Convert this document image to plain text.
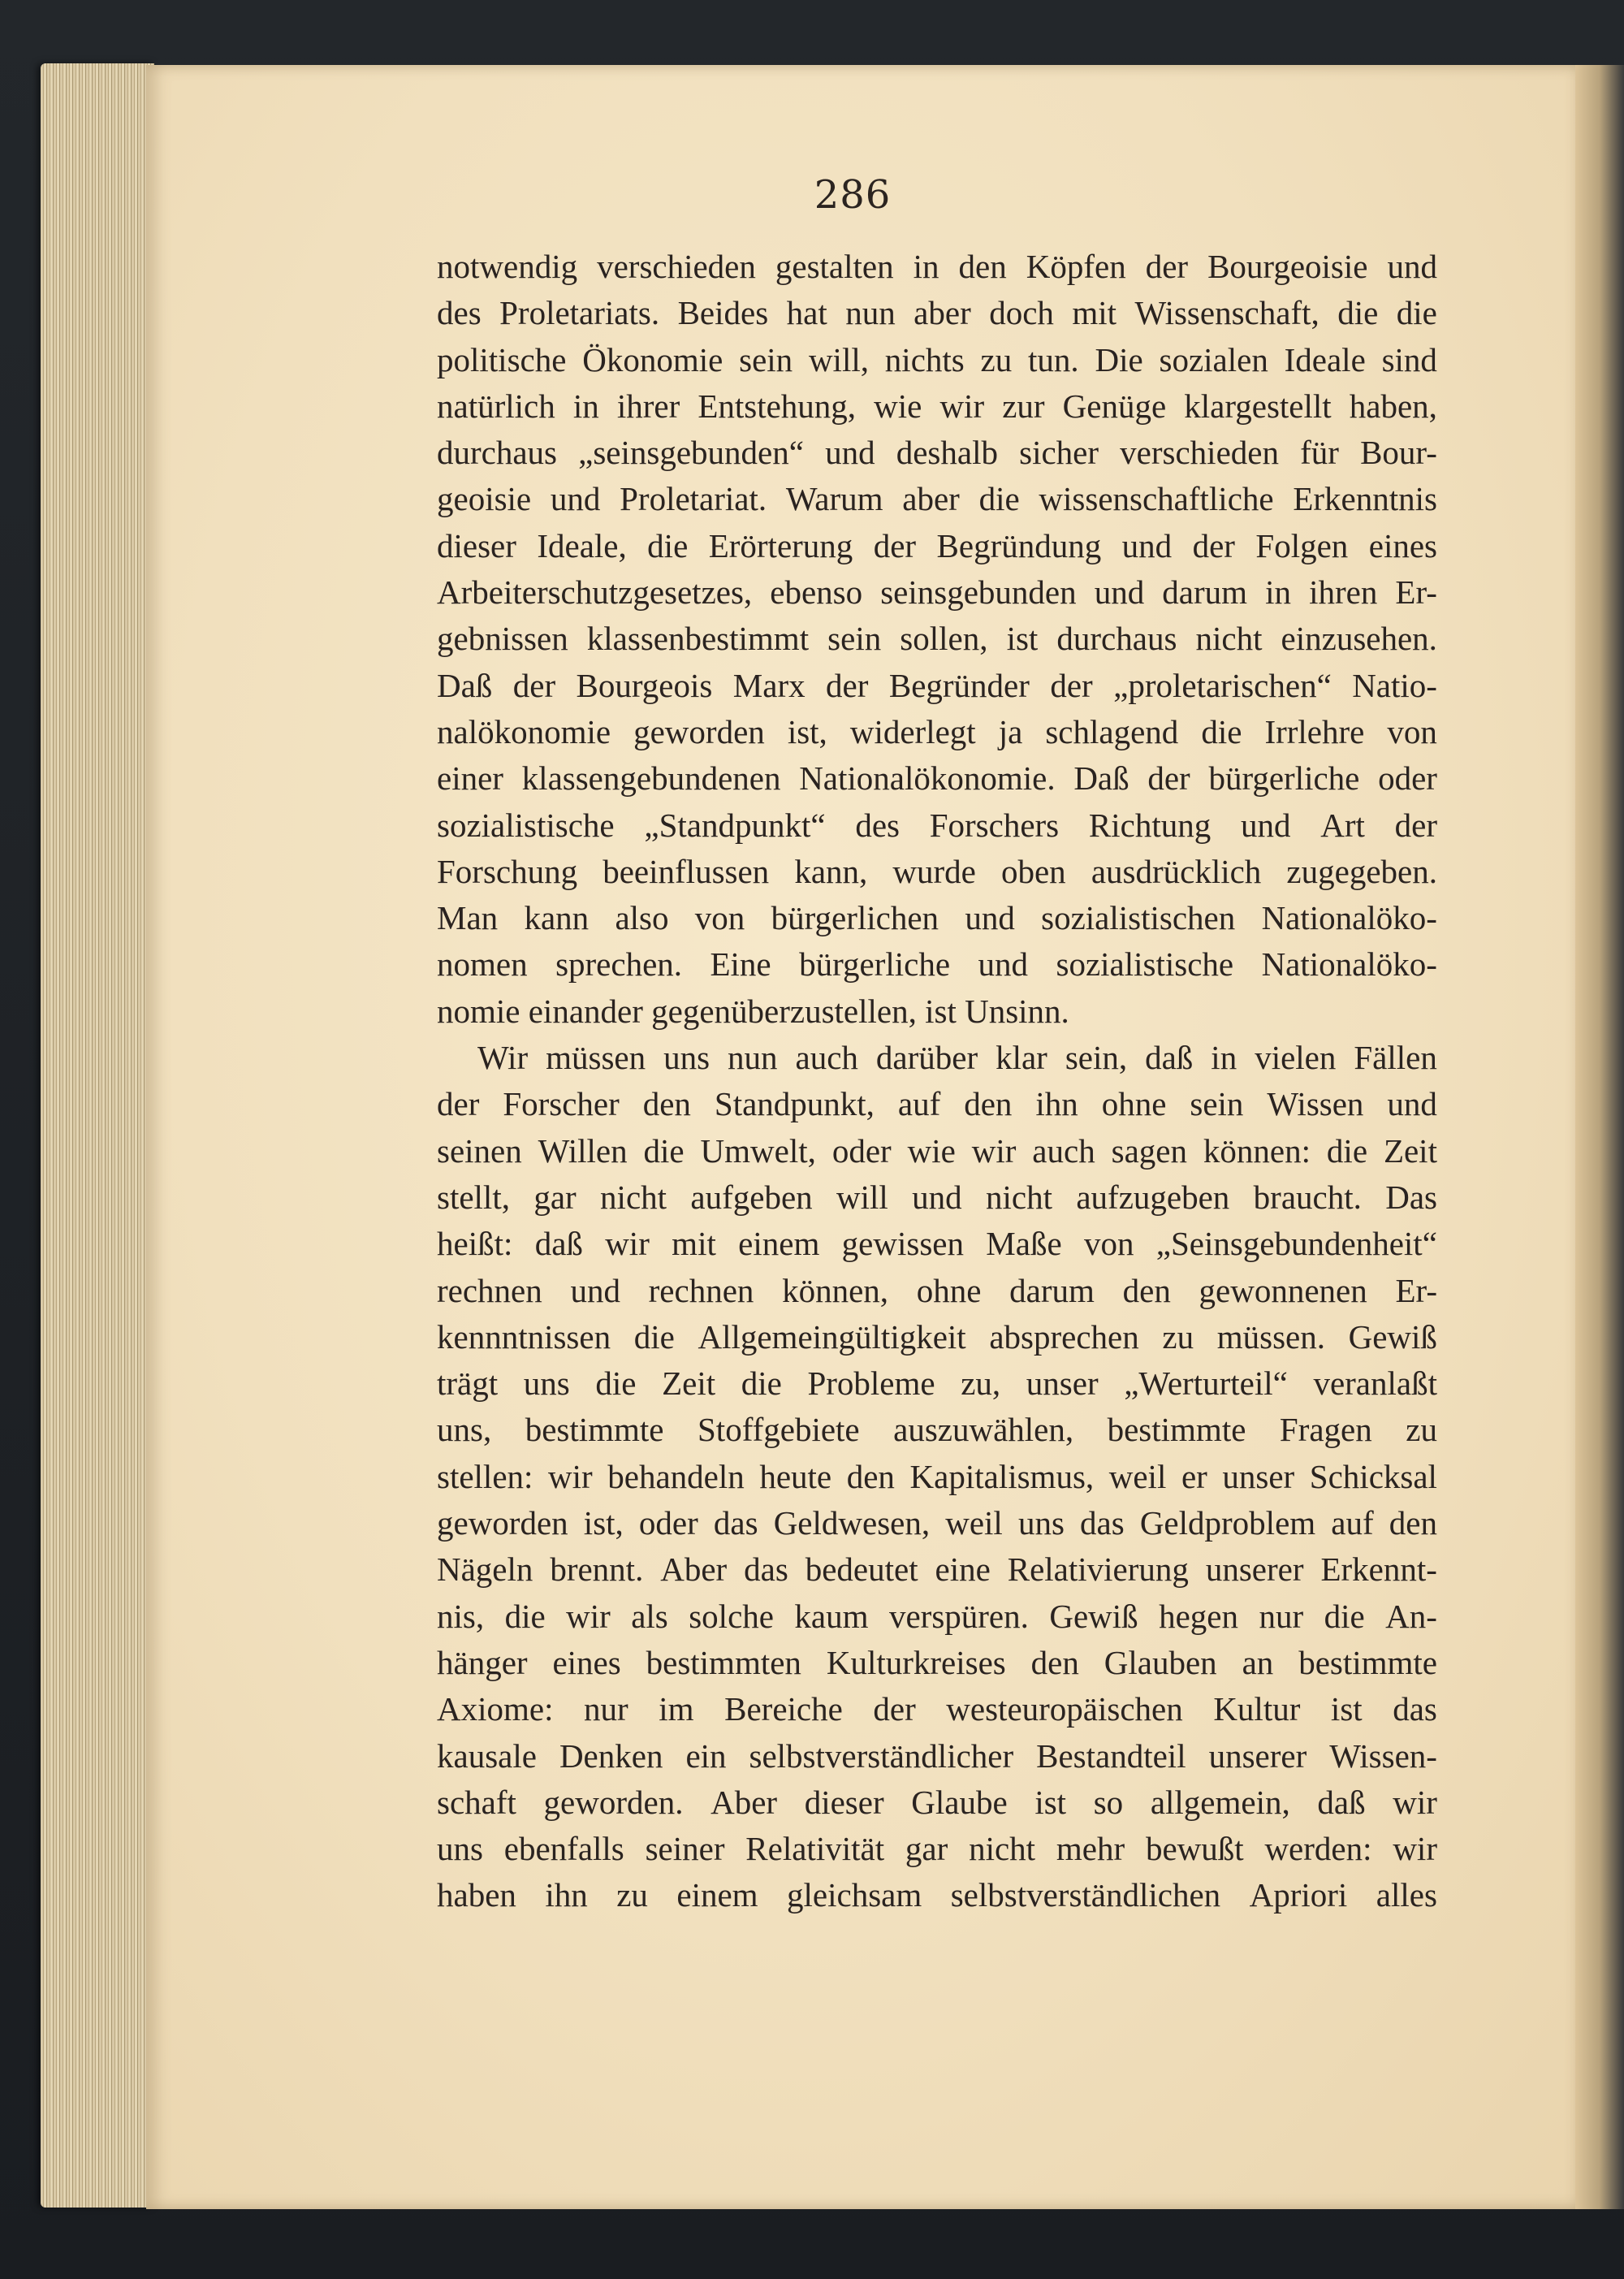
286
notwendig verschieden gestalten in den Köpfen der Bourgeoisie und
des Proletariats. Beides hat nun aber doch mit Wissenschaft, die die
politische Ökonomie sein will, nichts zu tun. Die sozialen Ideale sind
natürlich in ihrer Entstehung, wie wir zur Genüge klargestellt haben,
durchaus „seinsgebunden“ und deshalb sicher verschieden für Bour-
geoisie und Proletariat. Warum aber die wissenschaftliche Erkenntnis
dieser Ideale, die Erörterung der Begründung und der Folgen eines
Arbeiterschutzgesetzes, ebenso seinsgebunden und darum in ihren Er-
gebnissen klassenbestimmt sein sollen, ist durchaus nicht einzusehen.
Daß der Bourgeois Marx der Begründer der „proletarischen“ Natio-
nalökonomie geworden ist, widerlegt ja schlagend die Irrlehre von
einer klassengebundenen Nationalökonomie. Daß der bürgerliche oder
sozialistische „Standpunkt“ des Forschers Richtung und Art der
Forschung beeinflussen kann, wurde oben ausdrücklich zugegeben.
Man kann also von bürgerlichen und sozialistischen Nationalöko-
nomen sprechen. Eine bürgerliche und sozialistische Nationalöko-
nomie einander gegenüberzustellen, ist Unsinn.
Wir müssen uns nun auch darüber klar sein, daß in vielen Fällen
der Forscher den Standpunkt, auf den ihn ohne sein Wissen und
seinen Willen die Umwelt, oder wie wir auch sagen können: die Zeit
stellt, gar nicht aufgeben will und nicht aufzugeben braucht. Das
heißt: daß wir mit einem gewissen Maße von „Seinsgebundenheit“
rechnen und rechnen können, ohne darum den gewonnenen Er-
kennntnissen die Allgemeingültigkeit absprechen zu müssen. Gewiß
trägt uns die Zeit die Probleme zu, unser „Werturteil“ veranlaßt
uns, bestimmte Stoffgebiete auszuwählen, bestimmte Fragen zu
stellen: wir behandeln heute den Kapitalismus, weil er unser Schicksal
geworden ist, oder das Geldwesen, weil uns das Geldproblem auf den
Nägeln brennt. Aber das bedeutet eine Relativierung unserer Erkennt-
nis, die wir als solche kaum verspüren. Gewiß hegen nur die An-
hänger eines bestimmten Kulturkreises den Glauben an bestimmte
Axiome: nur im Bereiche der westeuropäischen Kultur ist das
kausale Denken ein selbstverständlicher Bestandteil unserer Wissen-
schaft geworden. Aber dieser Glaube ist so allgemein, daß wir
uns ebenfalls seiner Relativität gar nicht mehr bewußt werden: wir
haben ihn zu einem gleichsam selbstverständlichen Apriori alles
